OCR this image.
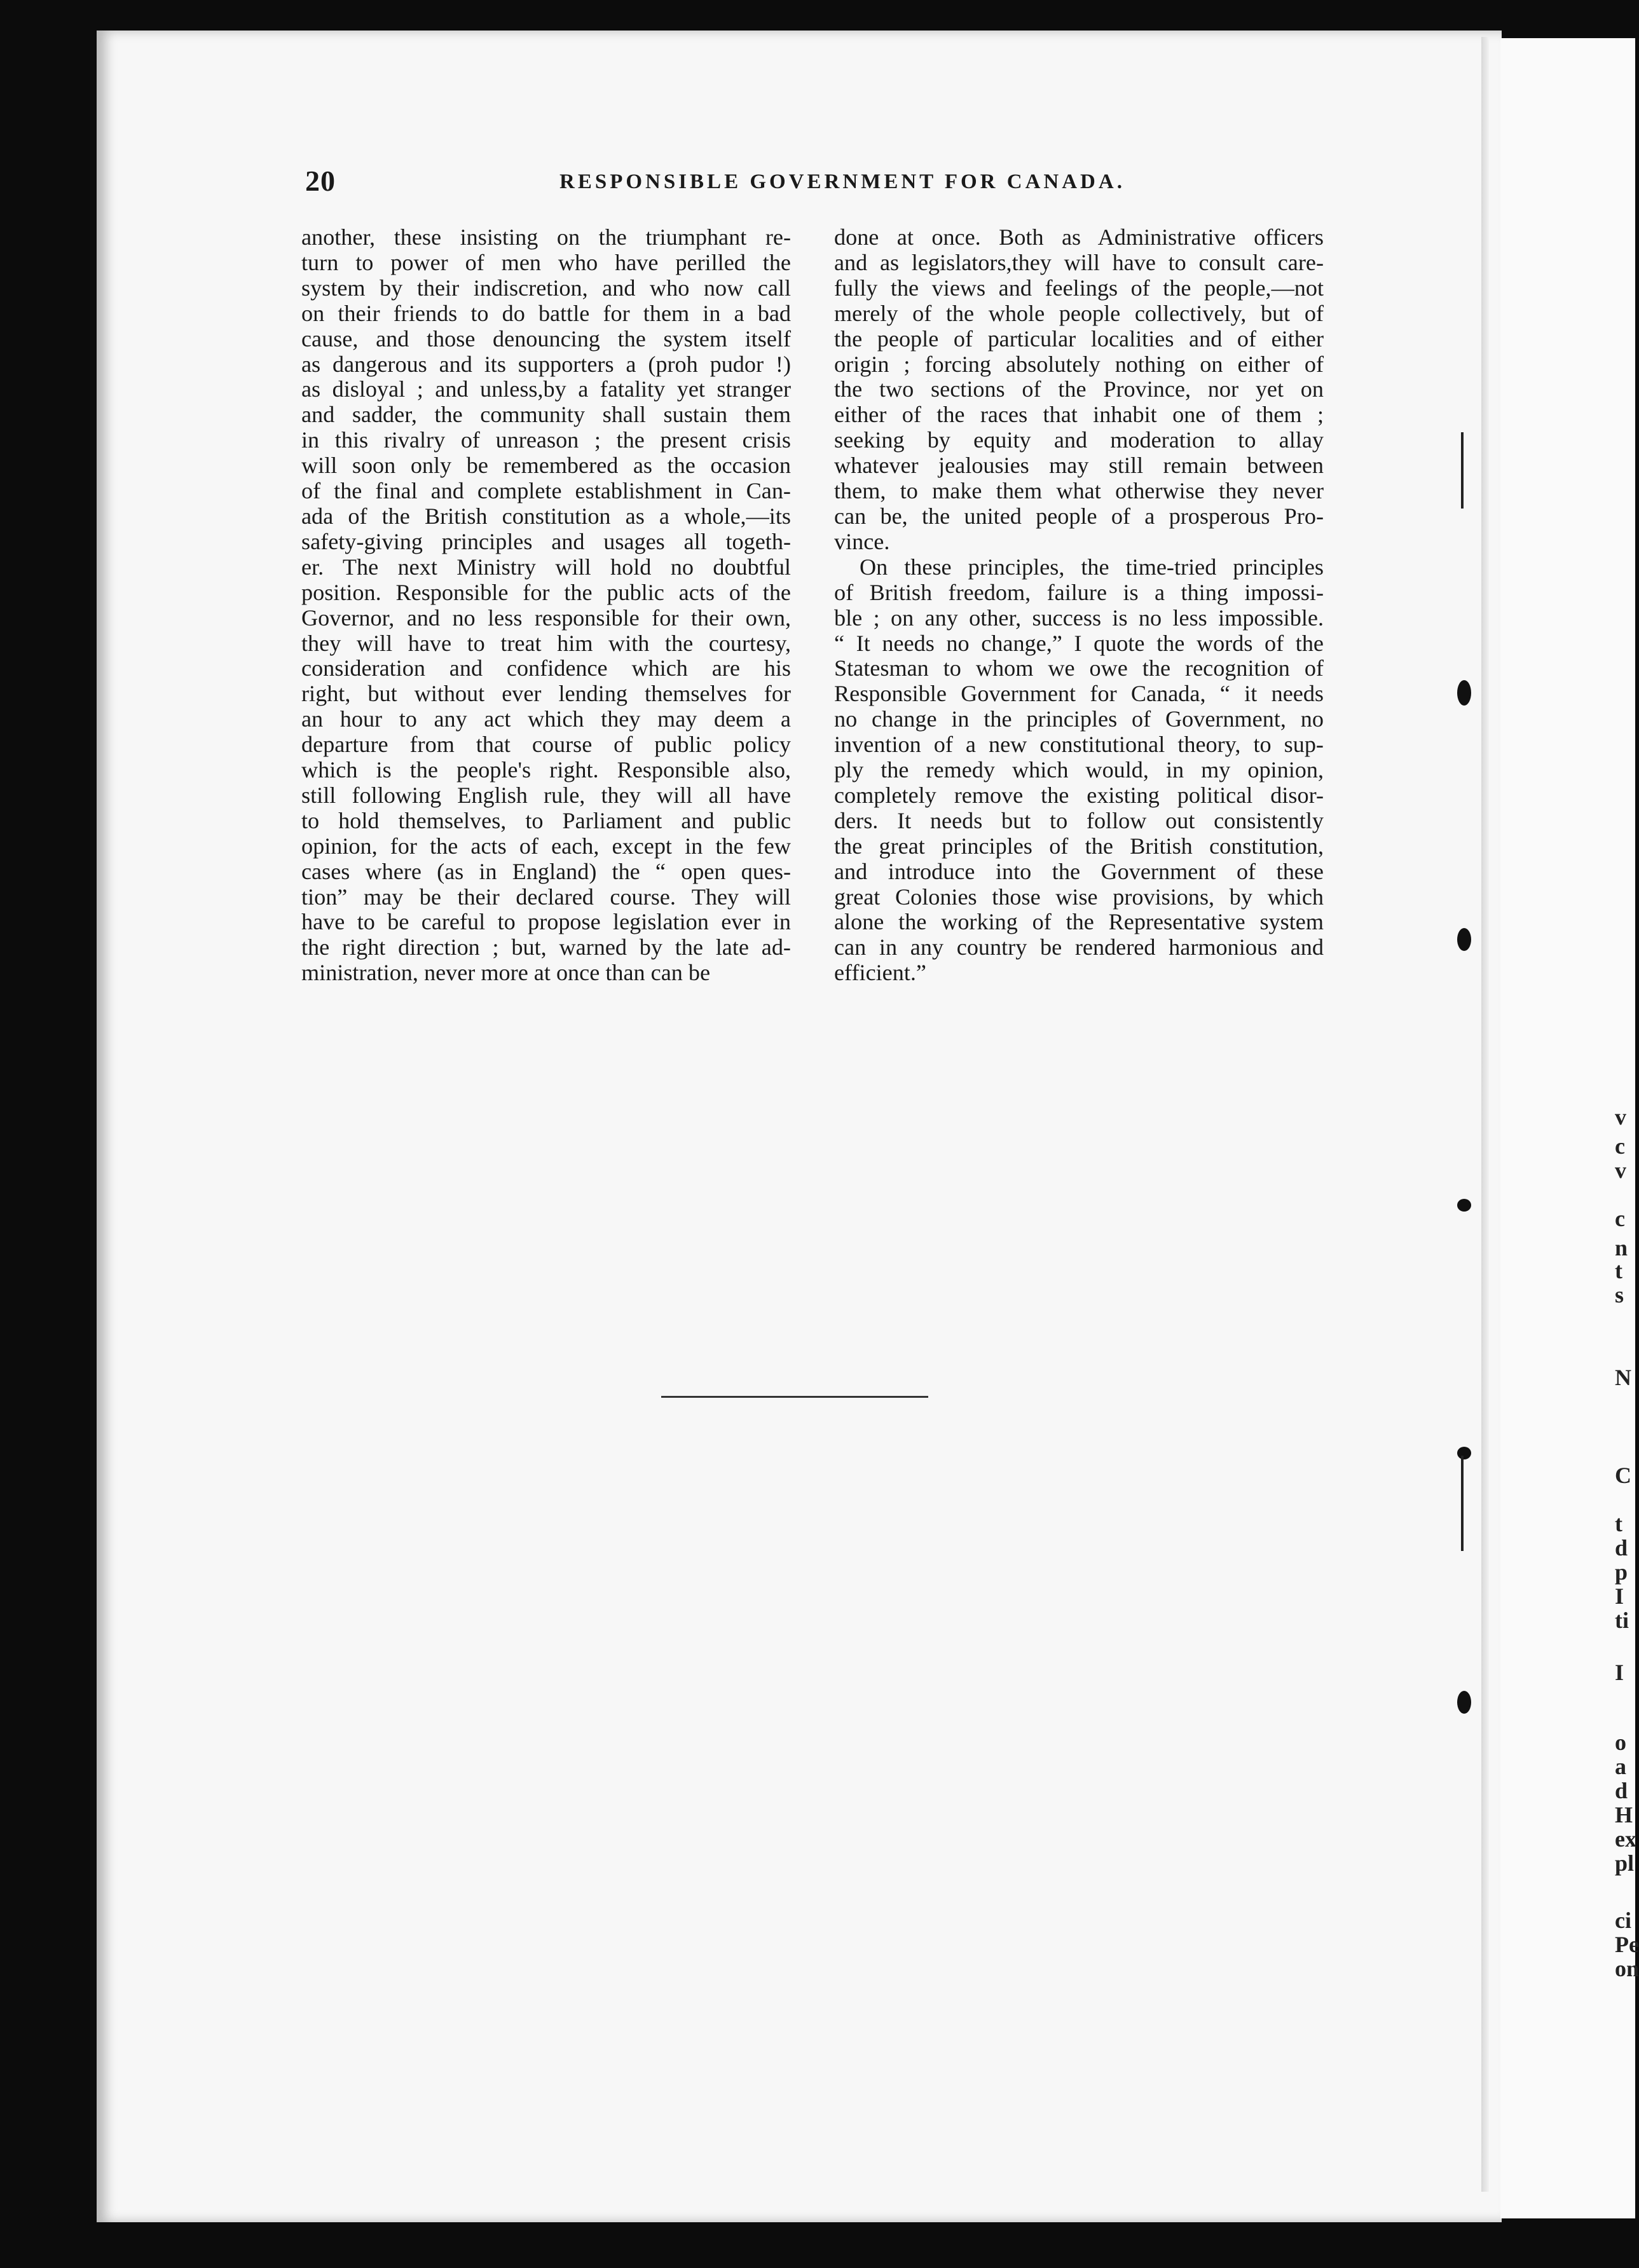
v
c
v
c
n
t
s
N
C
t
d
p
I
ti
I
o
a
d
H
ex
pl
ci
Pe
on
20	RESPONSIBLE GOVERNMENT FOR CANADA.

another, these insisting on the triumphant re-
turn to power of men who have perilled the
system by their indiscretion, and who now call
on their friends to do battle for them in a bad
cause, and those denouncing the system itself
as dangerous and its supporters a (proh pudor !)
as disloyal ; and unless,by a fatality yet stranger
and sadder, the community shall sustain them
in this rivalry of unreason ; the present crisis
will soon only be remembered as the occasion
of the final and complete establishment in Can-
ada of the British constitution as a whole,—its
safety-giving principles and usages all togeth-
er. The next Ministry will hold no doubtful
position. Responsible for the public acts of the
Governor, and no less responsible for their own,
they will have to treat him with the courtesy,
consideration and confidence which are his
right, but without ever lending themselves for
an hour to any act which they may deem a
departure from that course of public policy
which is the people's right. Responsible also,
still following English rule, they will all have
to hold themselves, to Parliament and public
opinion, for the acts of each, except in the few
cases where (as in England) the “ open ques-
tion” may be their declared course. They will
have to be careful to propose legislation ever in
the right direction ; but, warned by the late ad-
ministration, never more at once than can be

done at once. Both as Administrative officers
and as legislators,they will have to consult care-
fully the views and feelings of the people,—not
merely of the whole people collectively, but of
the people of particular localities and of either
origin ; forcing absolutely nothing on either of
the two sections of the Province, nor yet on
either of the races that inhabit one of them ;
seeking by equity and moderation to allay
whatever jealousies may still remain between
them, to make them what otherwise they never
can be, the united people of a prosperous Pro-
vince.

On these principles, the time-tried principles
of British freedom, failure is a thing impossi-
ble ; on any other, success is no less impossible.
“ It needs no change,” I quote the words of the
Statesman to whom we owe the recognition of
Responsible Government for Canada, “ it needs
no change in the principles of Government, no
invention of a new constitutional theory, to sup-
ply the remedy which would, in my opinion,
completely remove the existing political disor-
ders. It needs but to follow out consistently
the great principles of the British constitution,
and introduce into the Government of these
great Colonies those wise provisions, by which
alone the working of the Representative system
can in any country be rendered harmonious and
efficient.”
